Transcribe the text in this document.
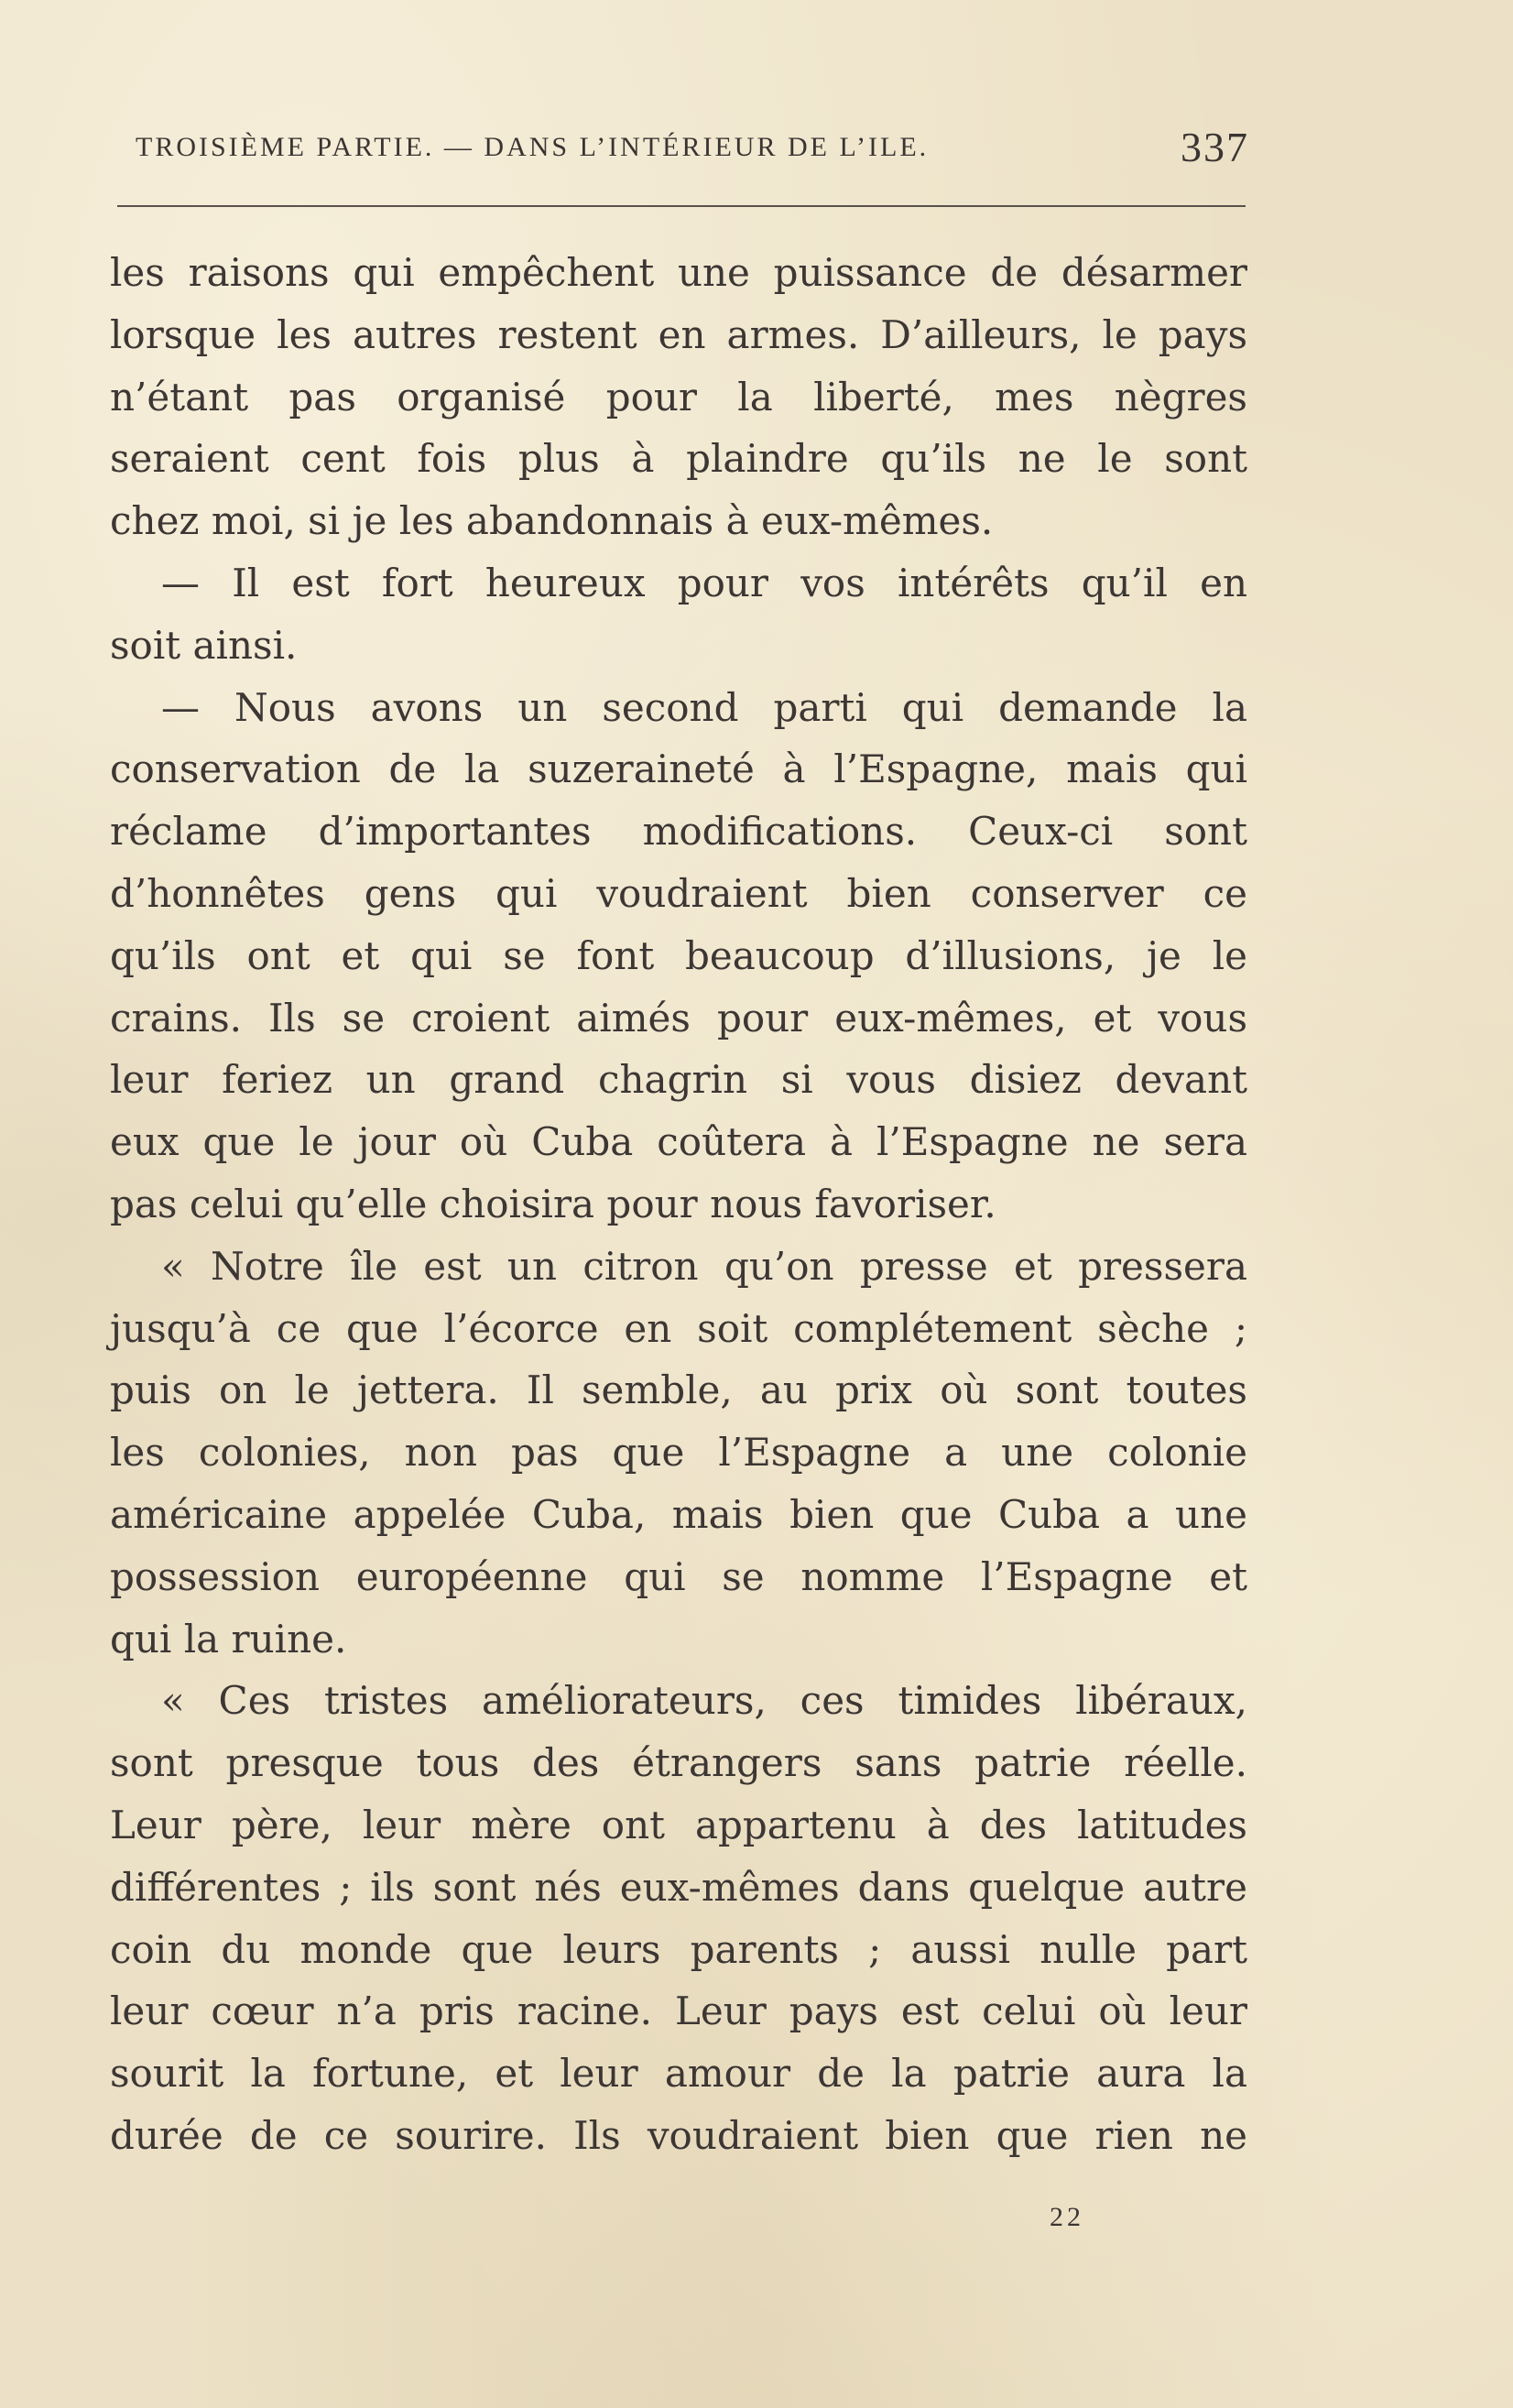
TROISIÈME PARTIE. — DANS L’INTÉRIEUR DE L’ILE.	337
les raisons qui empêchent une puissance de désarmer
lorsque les autres restent en armes. D’ailleurs, le pays
n’étant pas organisé pour la liberté, mes nègres
seraient cent fois plus à plaindre qu’ils ne le sont
chez moi, si je les abandonnais à eux-mêmes.
— Il est fort heureux pour vos intérêts qu’il en
soit ainsi.
— Nous avons un second parti qui demande la
conservation de la suzeraineté à l’Espagne, mais qui
réclame d’importantes modifications. Ceux-ci sont
d’honnêtes gens qui voudraient bien conserver ce
qu’ils ont et qui se font beaucoup d’illusions, je le
crains. Ils se croient aimés pour eux-mêmes, et vous
leur feriez un grand chagrin si vous disiez devant
eux que le jour où Cuba coûtera à l’Espagne ne sera
pas celui qu’elle choisira pour nous favoriser.
« Notre île est un citron qu’on presse et pressera
jusqu’à ce que l’écorce en soit complétement sèche ;
puis on le jettera. Il semble, au prix où sont toutes
les colonies, non pas que l’Espagne a une colonie
américaine appelée Cuba, mais bien que Cuba a une
possession européenne qui se nomme l’Espagne et
qui la ruine.
« Ces tristes améliorateurs, ces timides libéraux,
sont presque tous des étrangers sans patrie réelle.
Leur père, leur mère ont appartenu à des latitudes
différentes ; ils sont nés eux-mêmes dans quelque autre
coin du monde que leurs parents ; aussi nulle part
leur cœur n’a pris racine. Leur pays est celui où leur
sourit la fortune, et leur amour de la patrie aura la
durée de ce sourire. Ils voudraient bien que rien ne
22
